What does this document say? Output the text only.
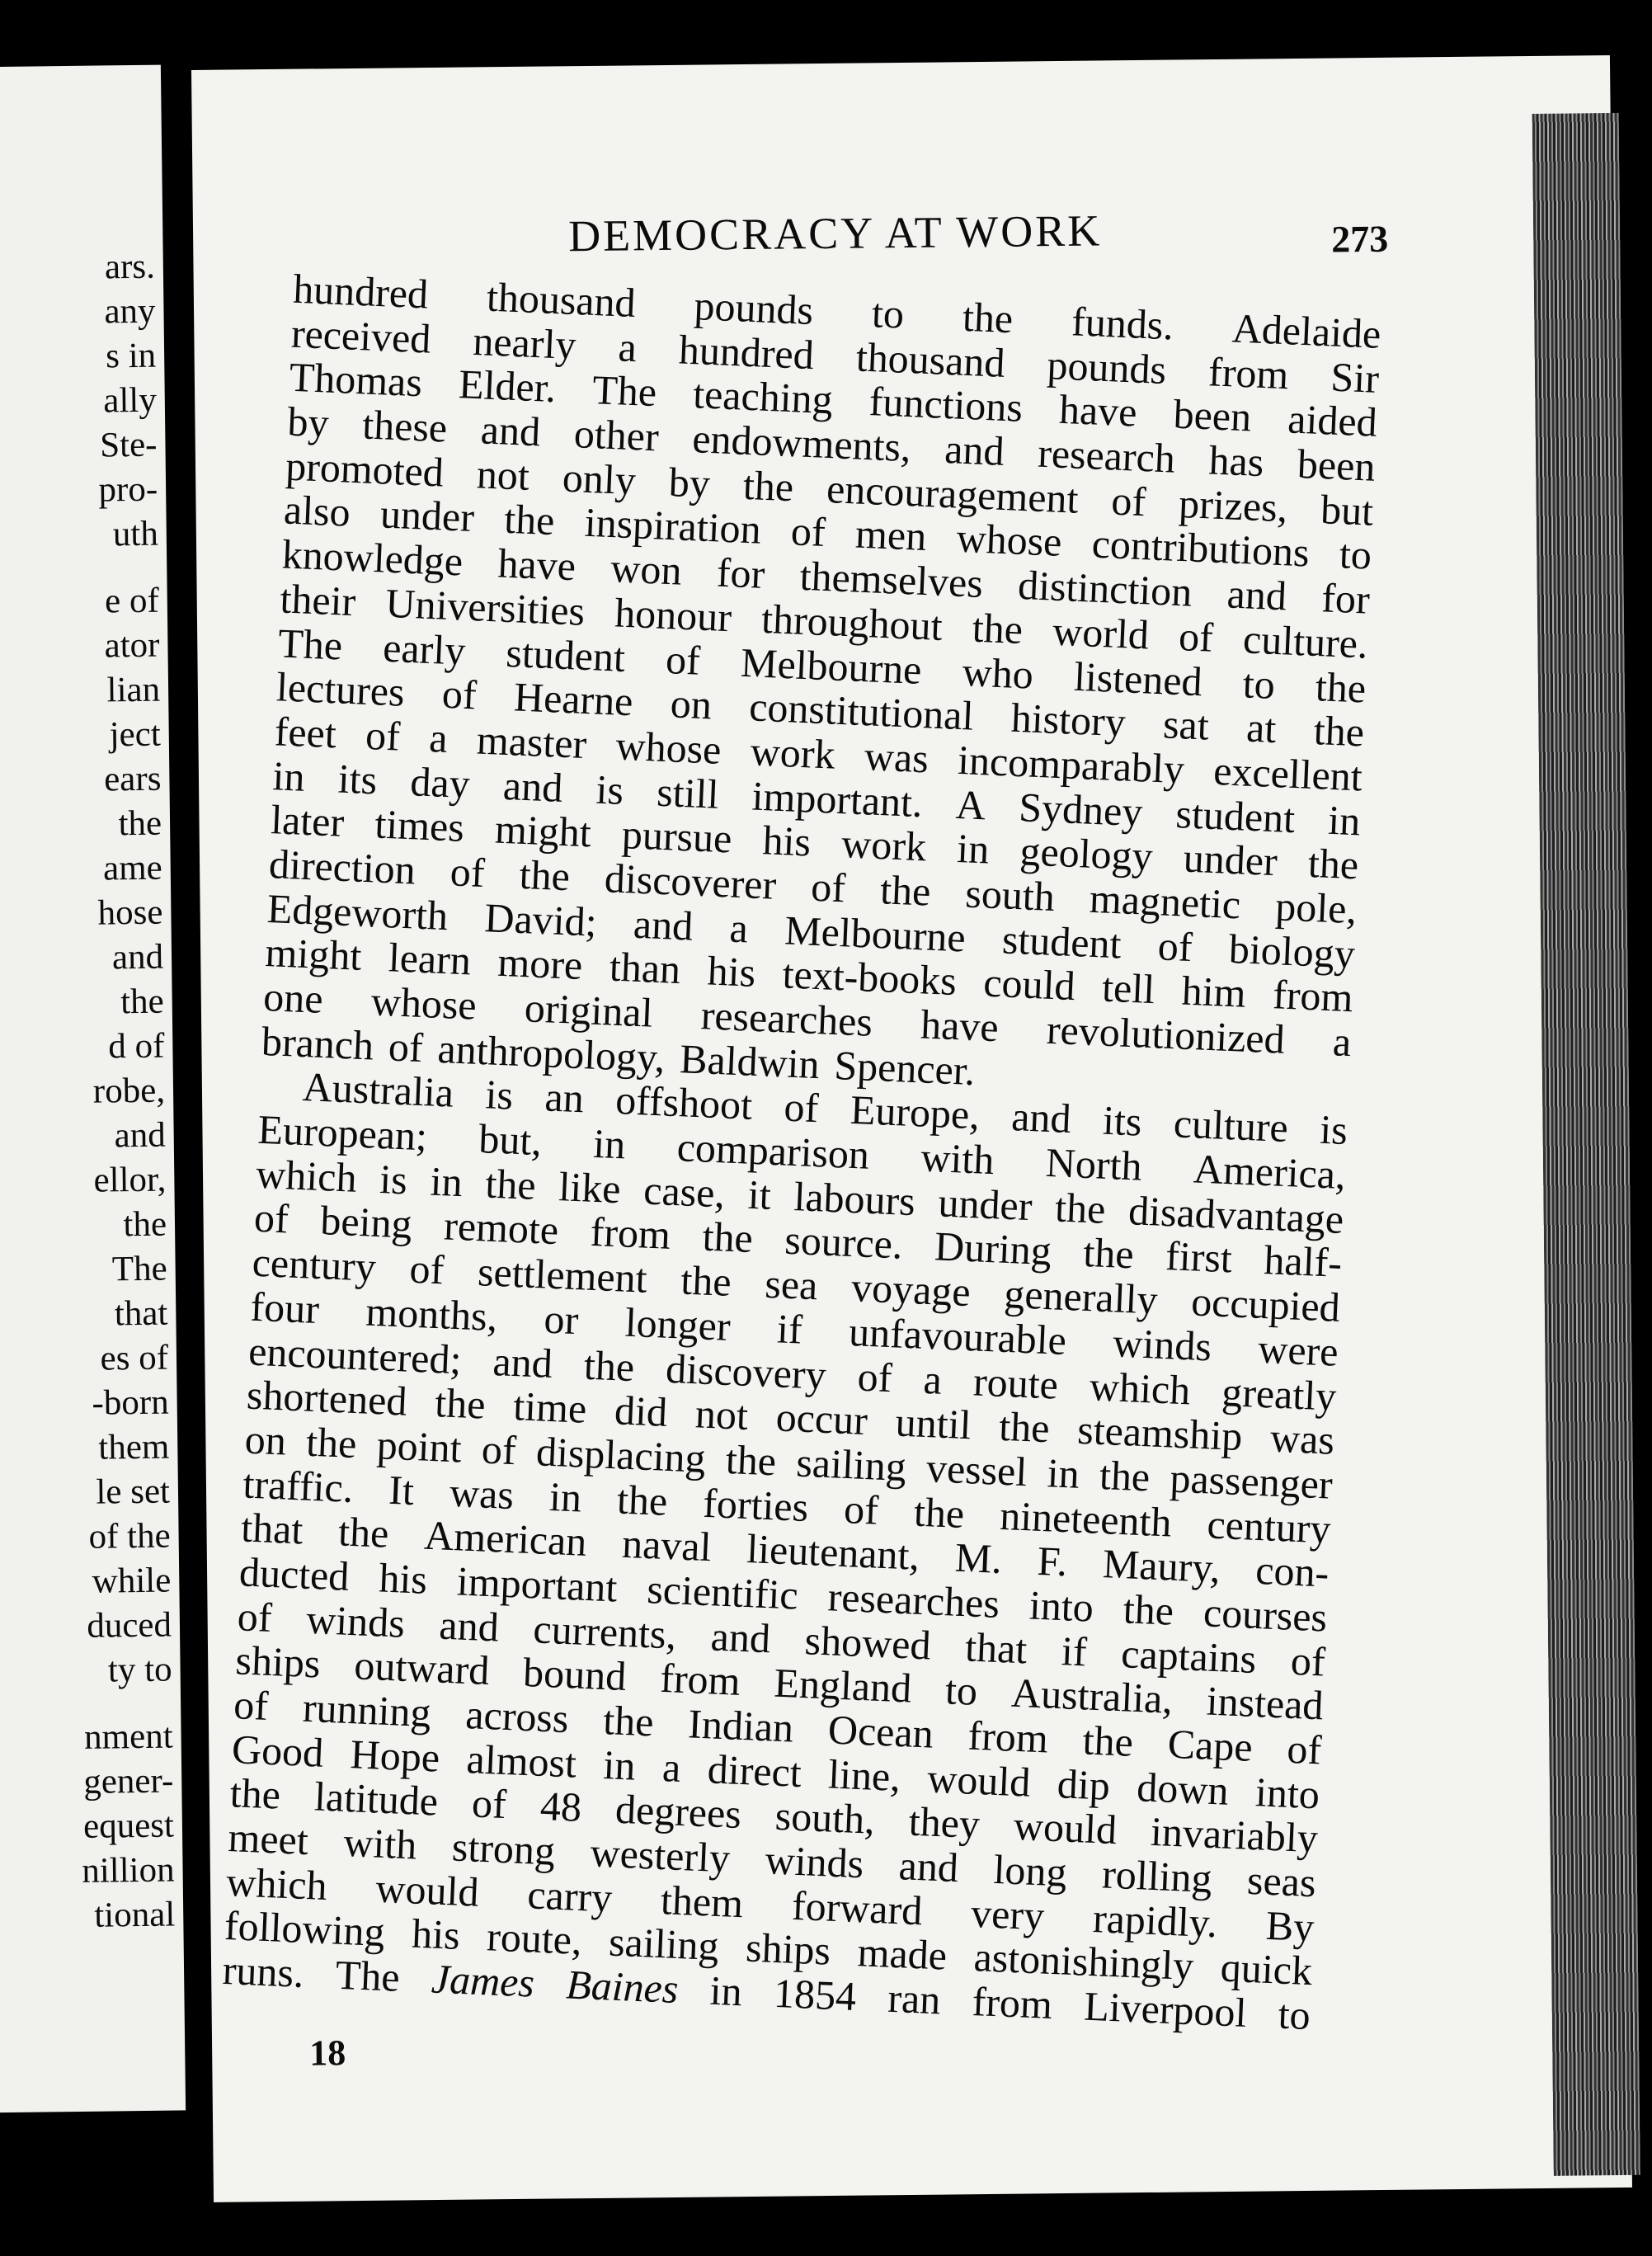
ars.
any
s in
ally
Ste-
pro-
uth
e of
ator
lian
ject
ears
the
ame
hose
and
the
d of
robe,
and
ellor,
the
The
that
es of
-born
them
le set
of the
while
duced
ty to
nment
gener-
equest
nillion
tional
DEMOCRACY AT WORK	273
hundred thousand pounds to the funds. Adelaide
received nearly a hundred thousand pounds from Sir
Thomas Elder. The teaching functions have been aided
by these and other endowments, and research has been
promoted not only by the encouragement of prizes, but
also under the inspiration of men whose contributions to
knowledge have won for themselves distinction and for
their Universities honour throughout the world of culture.
The early student of Melbourne who listened to the
lectures of Hearne on constitutional history sat at the
feet of a master whose work was incomparably excellent
in its day and is still important. A Sydney student in
later times might pursue his work in geology under the
direction of the discoverer of the south magnetic pole,
Edgeworth David; and a Melbourne student of biology
might learn more than his text-books could tell him from
one whose original researches have revolutionized a
branch of anthropology, Baldwin Spencer.
Australia is an offshoot of Europe, and its culture is
European; but, in comparison with North America,
which is in the like case, it labours under the disadvantage
of being remote from the source. During the first half-
century of settlement the sea voyage generally occupied
four months, or longer if unfavourable winds were
encountered; and the discovery of a route which greatly
shortened the time did not occur until the steamship was
on the point of displacing the sailing vessel in the passenger
traffic. It was in the forties of the nineteenth century
that the American naval lieutenant, M. F. Maury, con-
ducted his important scientific researches into the courses
of winds and currents, and showed that if captains of
ships outward bound from England to Australia, instead
of running across the Indian Ocean from the Cape of
Good Hope almost in a direct line, would dip down into
the latitude of 48 degrees south, they would invariably
meet with strong westerly winds and long rolling seas
which would carry them forward very rapidly. By
following his route, sailing ships made astonishingly quick
runs. The James Baines in 1854 ran from Liverpool to
18
